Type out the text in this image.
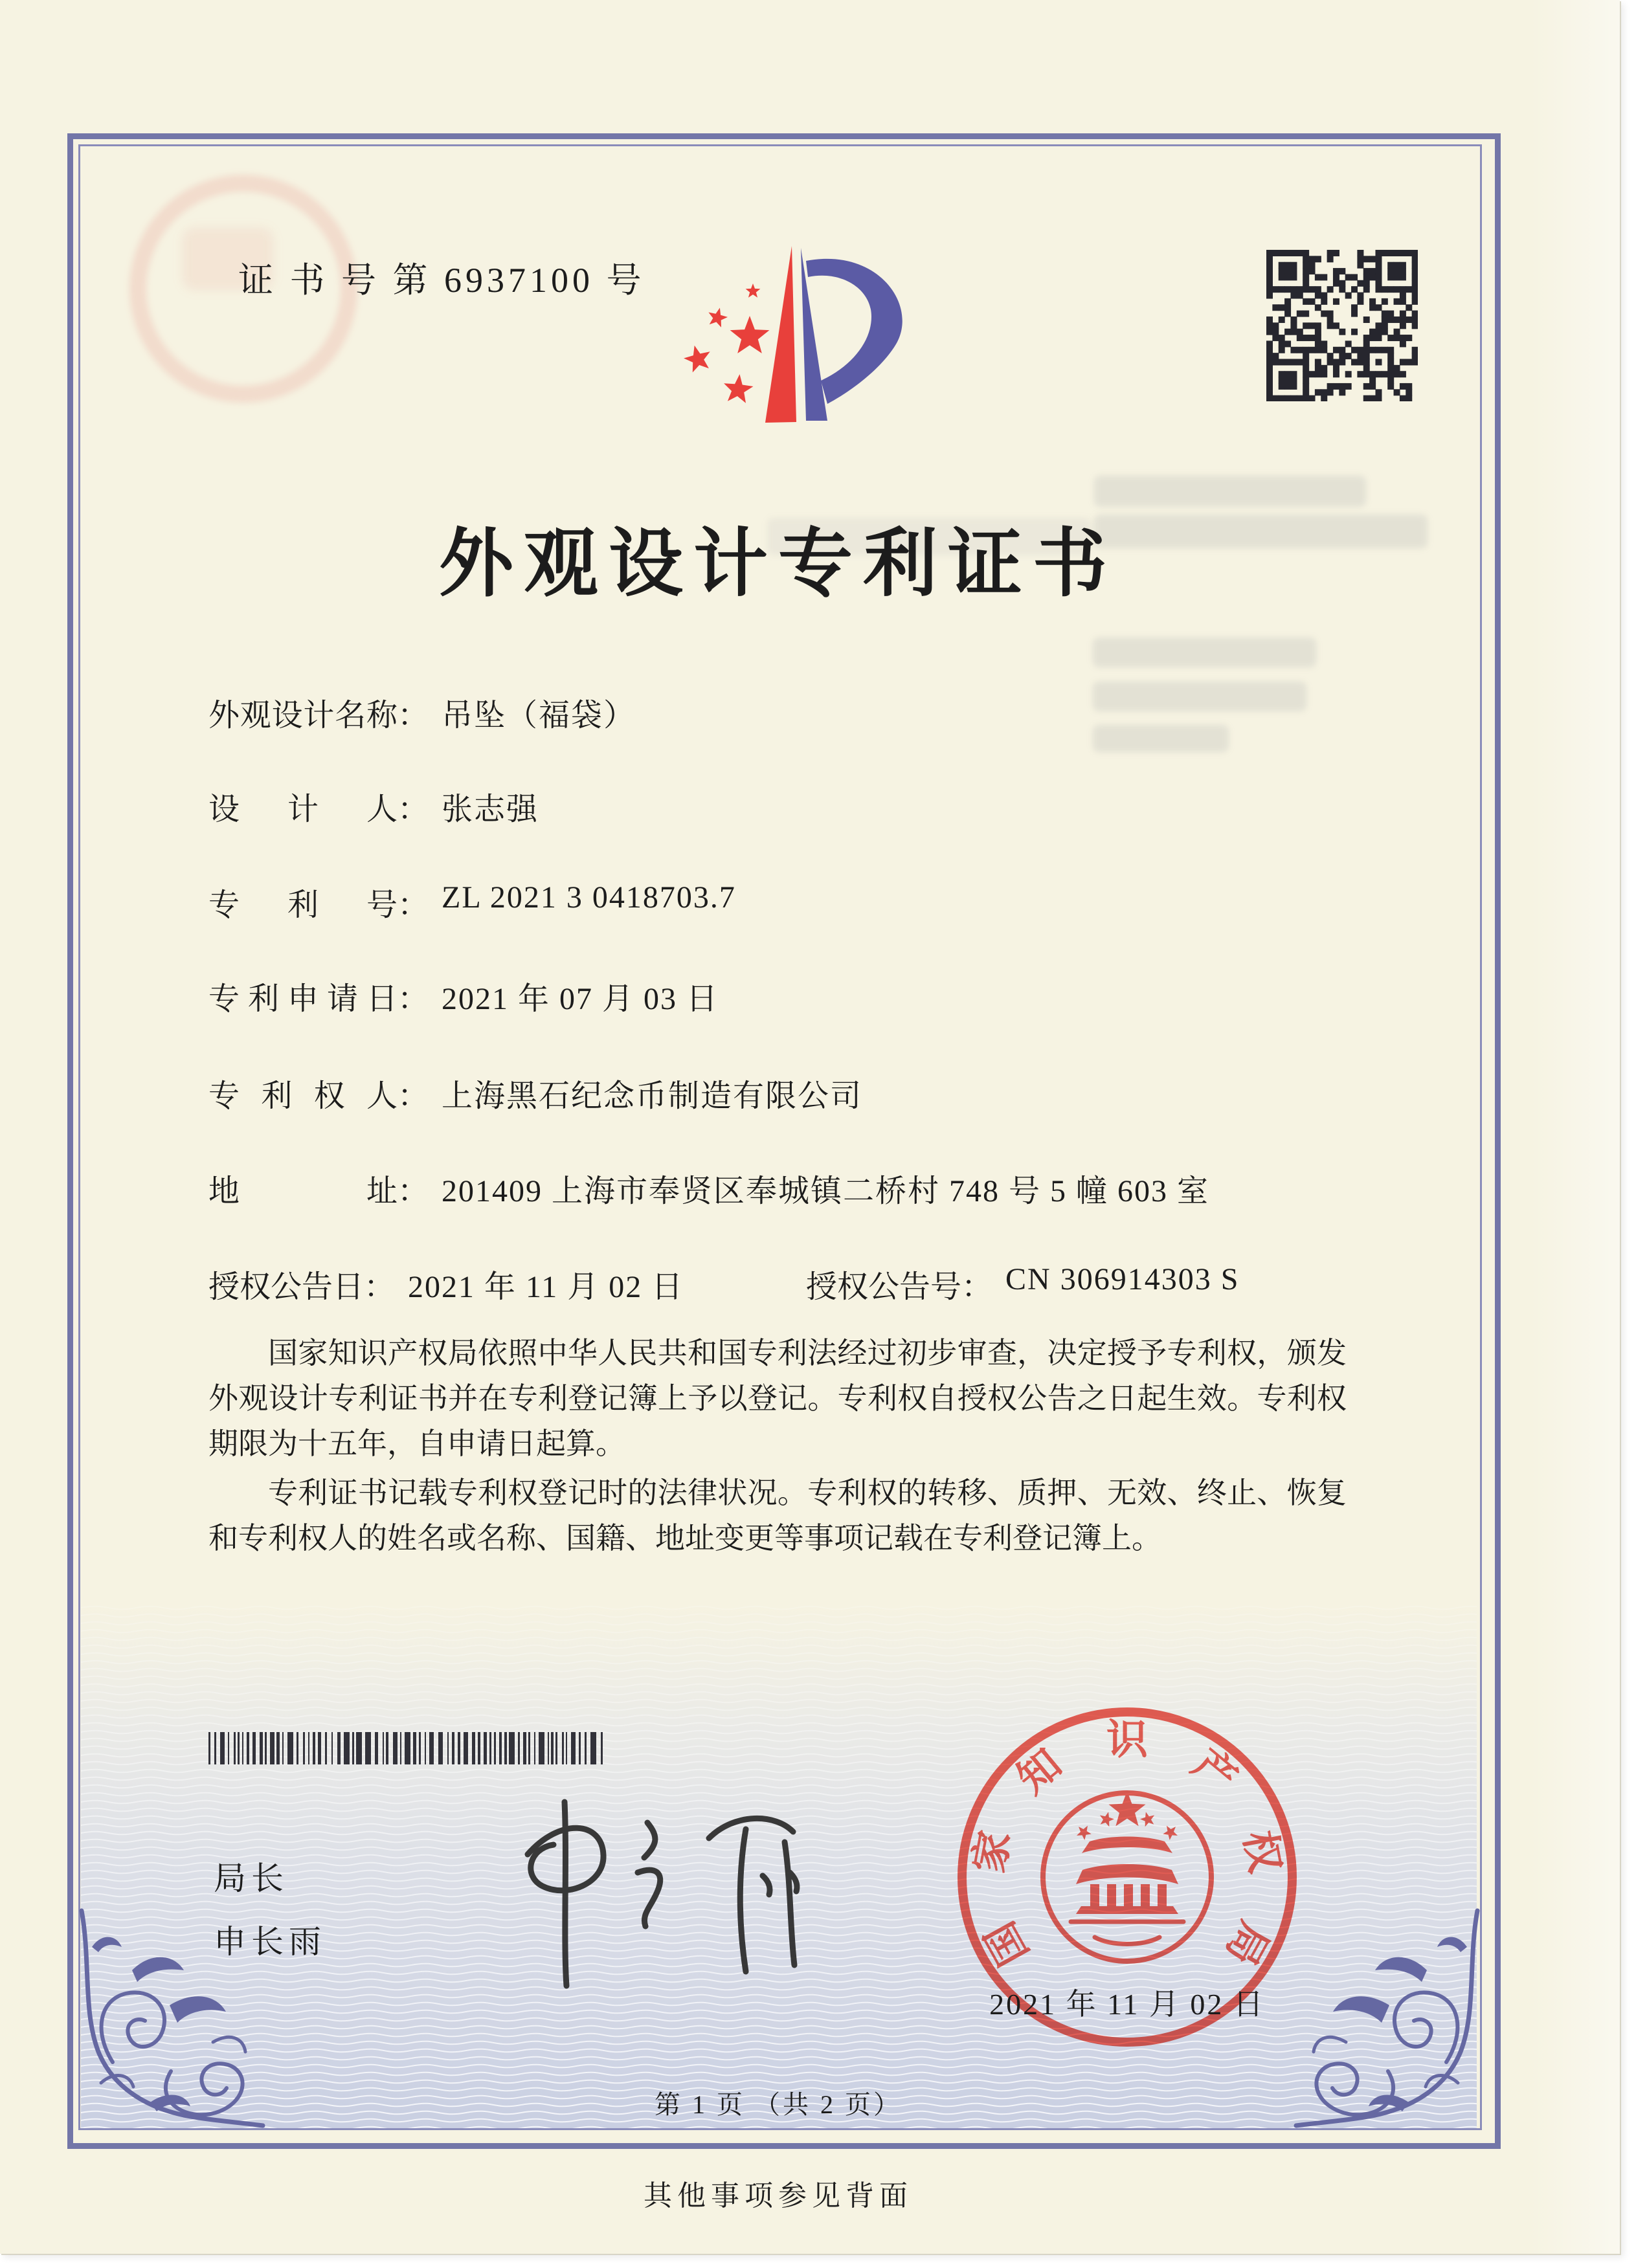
证 书 号 第 6937100 号
外观设计专利证书
外观设计名称： 吊坠（福袋）
设计人： 张志强
专利号： ZL 2021 3 0418703.7
专利申请日： 2021 年 07 月 03 日
专利权人： 上海黑石纪念币制造有限公司
地址： 201409 上海市奉贤区奉城镇二桥村 748 号 5 幢 603 室
授权公告日： 2021 年 11 月 02 日	授权公告号： CN 306914303 S

国家知识产权局依照中华人民共和国专利法经过初步审查，决定授予专利权，颁发外观设计专利证书并在专利登记簿上予以登记。专利权自授权公告之日起生效。专利权期限为十五年，自申请日起算。

专利证书记载专利权登记时的法律状况。专利权的转移、质押、无效、终止、恢复和专利权人的姓名或名称、国籍、地址变更等事项记载在专利登记簿上。

局长
申长雨	国
家
知
识
产
权
局
2021 年 11 月 02 日
第 1 页 （共 2 页）
其他事项参见背面
